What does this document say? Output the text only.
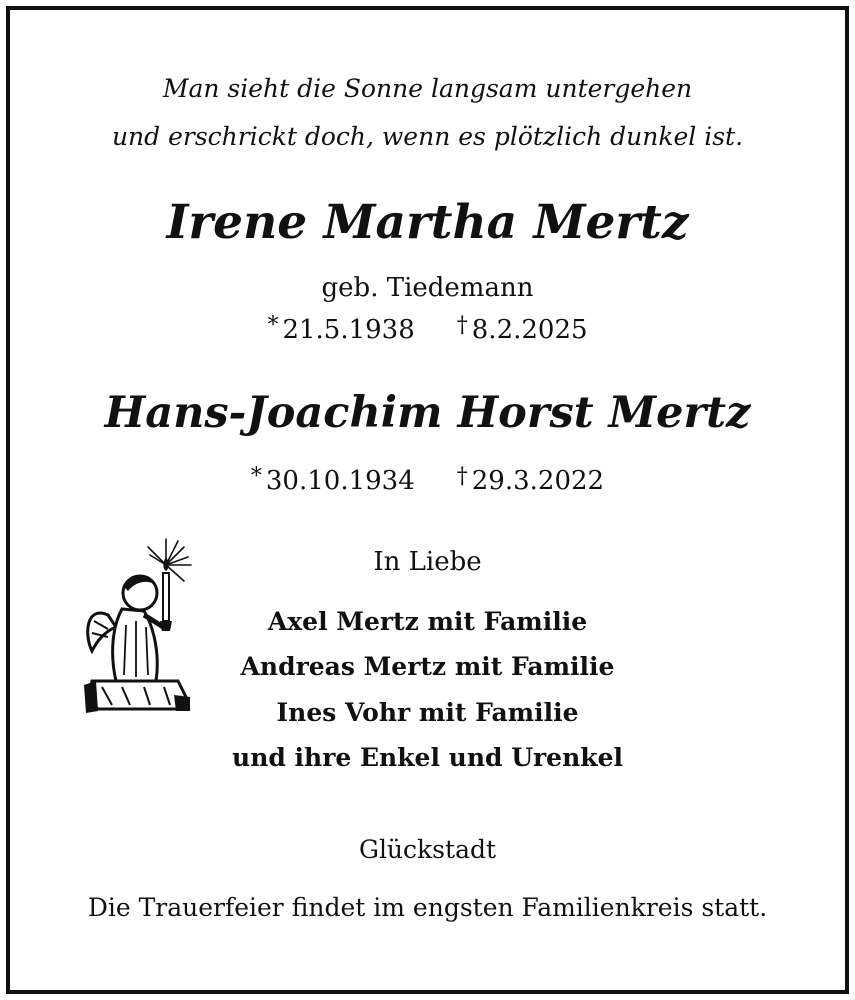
Man sieht die Sonne langsam untergehen
und erschrickt doch, wenn es plötzlich dunkel ist.
Irene Martha Mertz
geb. Tiedemann
* 21.5.1938 † 8.2.2025
Hans-Joachim Horst Mertz
* 30.10.1934 † 29.3.2022
In Liebe
Axel Mertz mit Familie
Andreas Mertz mit Familie
Ines Vohr mit Familie
und ihre Enkel und Urenkel
Glückstadt
Die Trauerfeier findet im engsten Familienkreis statt.
